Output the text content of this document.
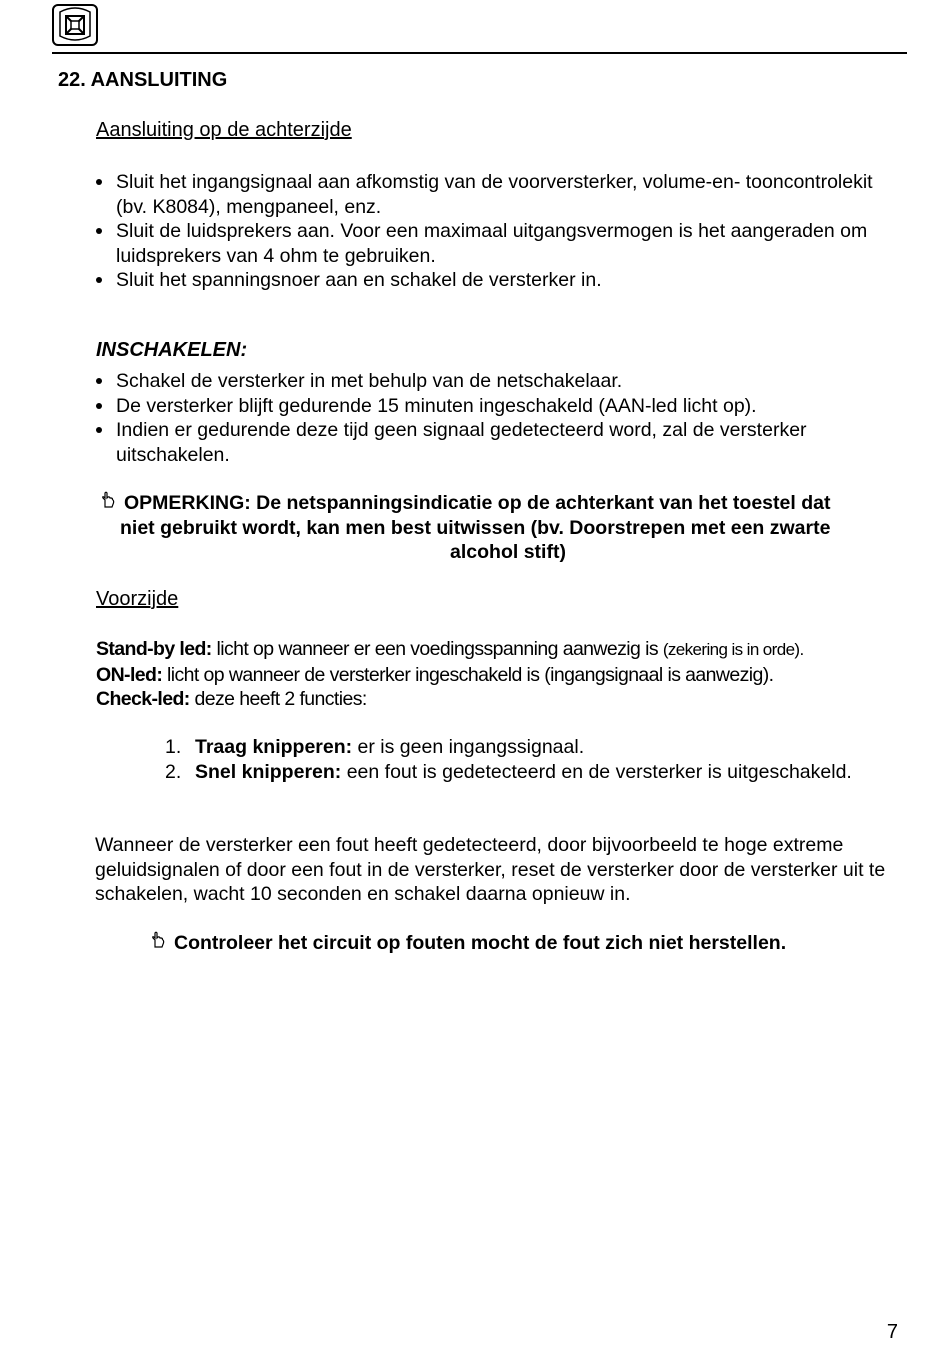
22. AANSLUITING
Aansluiting op de achterzijde
Sluit het ingangsignaal aan afkomstig van de voorversterker, volume-en- tooncontrolekit (bv. K8084), mengpaneel, enz.
Sluit de luidsprekers aan. Voor een maximaal uitgangsvermogen is het aangeraden om luidsprekers van 4 ohm te gebruiken.
Sluit het spanningsnoer aan en schakel de versterker in.
INSCHAKELEN:
Schakel de versterker in met behulp van de netschakelaar.
De versterker blijft gedurende 15 minuten ingeschakeld (AAN-led licht op).
Indien er gedurende deze tijd geen signaal gedetecteerd word, zal de versterker uitschakelen.
OPMERKING: De netspanningsindicatie op de achterkant van het toestel dat
niet gebruikt wordt, kan men best uitwissen (bv. Doorstrepen met een zwarte
alcohol stift)
Voorzijde
Stand-by led: licht op wanneer er een voedingsspanning aanwezig is (zekering is in orde).
ON-led: licht op wanneer de versterker ingeschakeld is (ingangsignaal is aanwezig).
Check-led: deze heeft 2 functies:
1. Traag knipperen: er is geen ingangssignaal.
2. Snel knipperen: een fout is gedetecteerd en de versterker is uitgeschakeld.
Wanneer de versterker een fout heeft gedetecteerd, door bijvoorbeeld te hoge extreme geluidsignalen of door een fout in de versterker, reset de versterker door de versterker uit te schakelen, wacht 10 seconden en schakel daarna opnieuw in.
Controleer het circuit op fouten mocht de fout zich niet herstellen.
7
